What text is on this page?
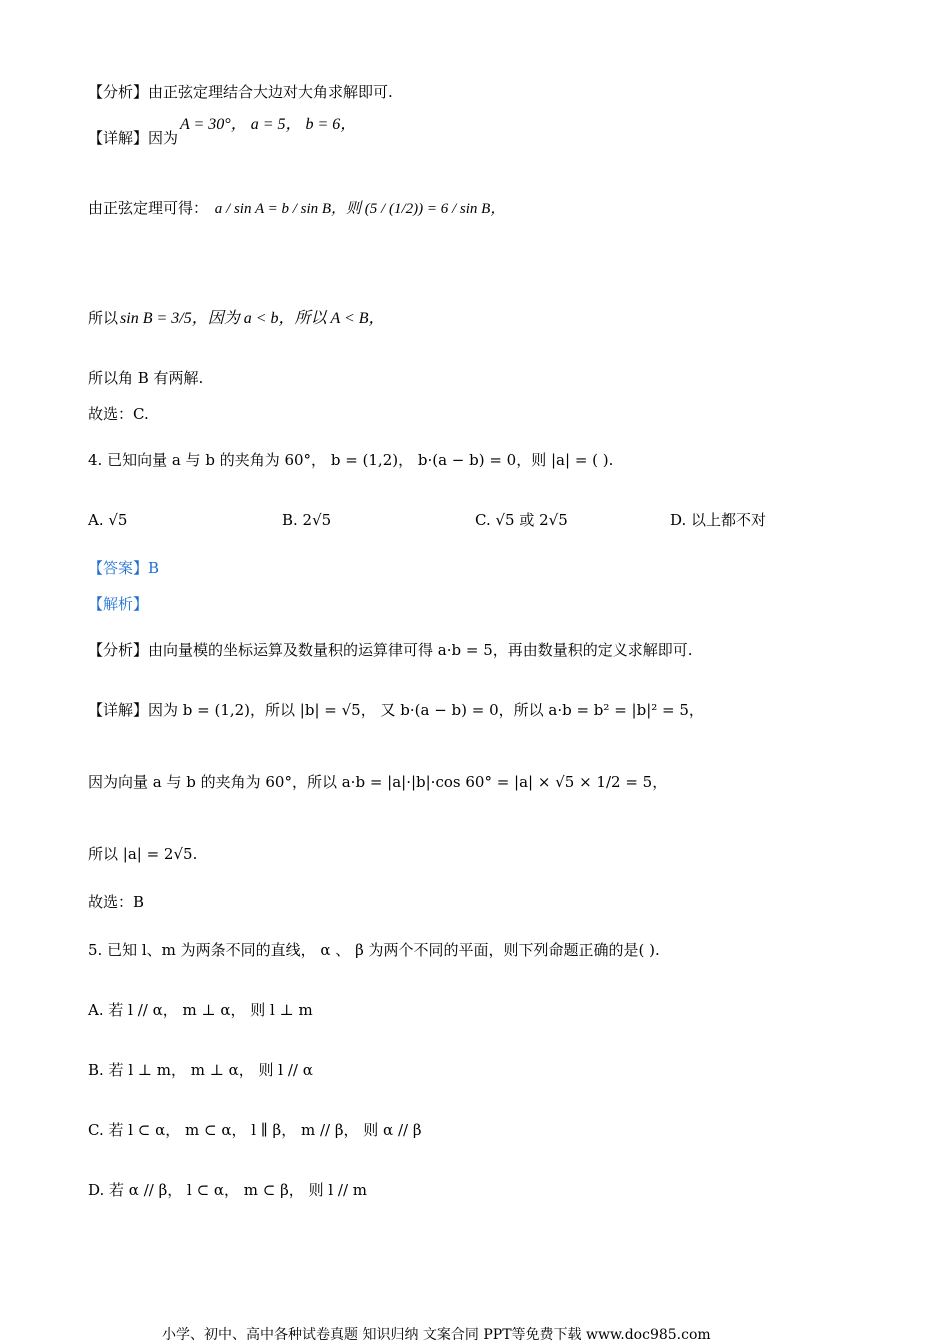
【分析】由正弦定理结合大边对大角求解即可.
【详解】因为A = 30°， a = 5， b = 6，
由正弦定理可得： a / sin A = b / sin B，则 (5 / (1/2)) = 6 / sin B，
所以 sin B = 3/5，因为 a < b，所以 A < B，
所以角 B 有两解.
故选：C.
4. 已知向量 a 与 b 的夹角为 60°， b = (1,2)， b·(a − b) = 0，则 |a| = ( ).
A. √5	B. 2√5	C. √5 或 2√5	D. 以上都不对
【答案】B
【解析】
【分析】由向量模的坐标运算及数量积的运算律可得 a·b = 5，再由数量积的定义求解即可.
【详解】因为 b = (1,2)，所以 |b| = √5， 又 b·(a − b) = 0，所以 a·b = b² = |b|² = 5，
因为向量 a 与 b 的夹角为 60°，所以 a·b = |a|·|b|·cos 60° = |a| × √5 × 1/2 = 5，
所以 |a| = 2√5.
故选：B
5. 已知 l、m 为两条不同的直线， α 、 β 为两个不同的平面，则下列命题正确的是( ).
A. 若 l // α， m ⊥ α， 则 l ⊥ m
B. 若 l ⊥ m， m ⊥ α， 则 l // α
C. 若 l ⊂ α， m ⊂ α， l ∥ β， m // β， 则 α // β
D. 若 α // β， l ⊂ α， m ⊂ β， 则 l // m
小学、初中、高中各种试卷真题 知识归纳 文案合同 PPT等免费下载 www.doc985.com
